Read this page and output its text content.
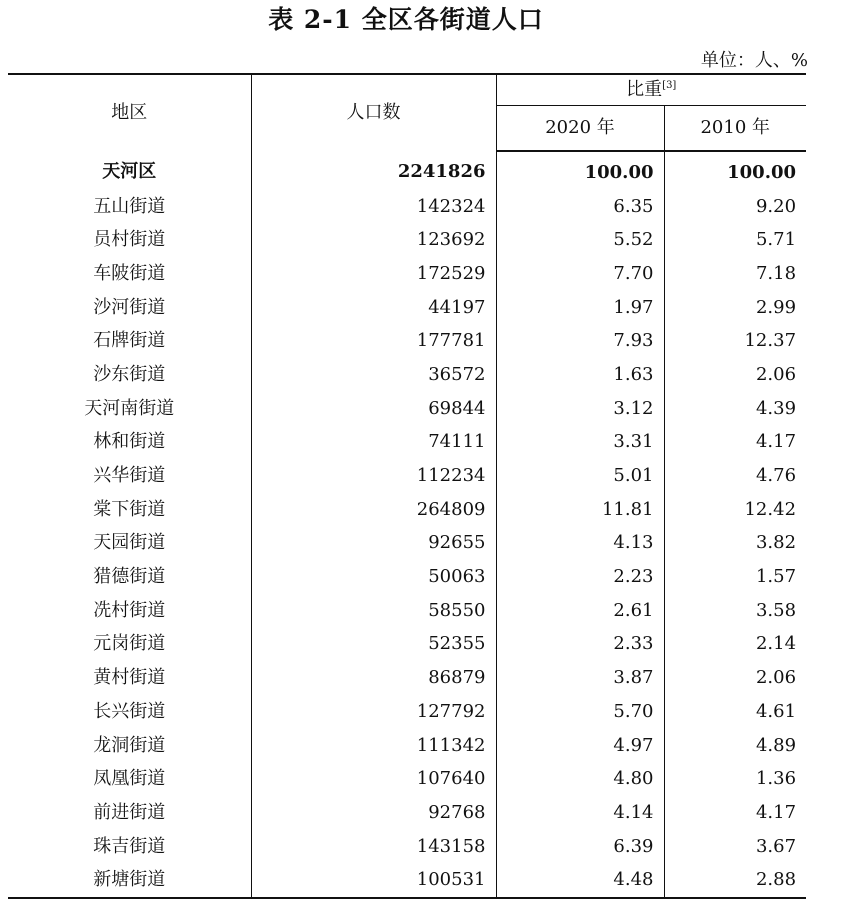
表 2-1 全区各街道人口
单位：人、%
地区	人口数	比重[3]
		2020 年	2010 年
天河区	2241826	100.00	100.00
五山街道	142324	6.35	9.20
员村街道	123692	5.52	5.71
车陂街道	172529	7.70	7.18
沙河街道	44197	1.97	2.99
石牌街道	177781	7.93	12.37
沙东街道	36572	1.63	2.06
天河南街道	69844	3.12	4.39
林和街道	74111	3.31	4.17
兴华街道	112234	5.01	4.76
棠下街道	264809	11.81	12.42
天园街道	92655	4.13	3.82
猎德街道	50063	2.23	1.57
冼村街道	58550	2.61	3.58
元岗街道	52355	2.33	2.14
黄村街道	86879	3.87	2.06
长兴街道	127792	5.70	4.61
龙洞街道	111342	4.97	4.89
凤凰街道	107640	4.80	1.36
前进街道	92768	4.14	4.17
珠吉街道	143158	6.39	3.67
新塘街道	100531	4.48	2.88
